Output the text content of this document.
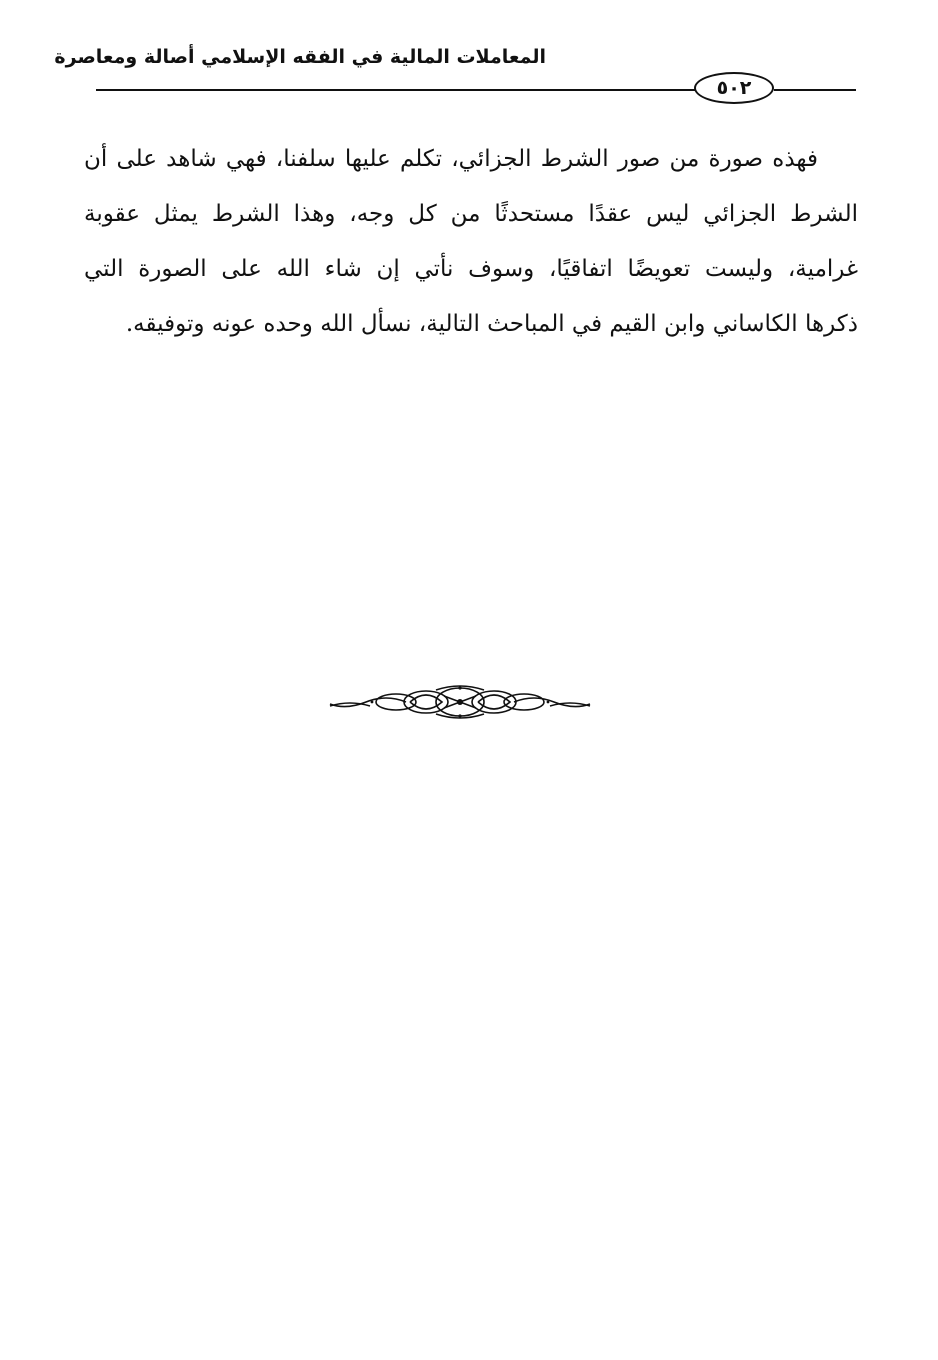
المعاملات المالية في الفقه الإسلامي أصالة ومعاصرة
٥٠٢
فهذه صورة من صور الشرط الجزائي، تكلم عليها سلفنا، فهي شاهد على أن
الشرط الجزائي ليس عقدًا مستحدثًا من كل وجه، وهذا الشرط يمثل عقوبة
غرامية، وليست تعويضًا اتفاقيًا، وسوف نأتي إن شاء الله على الصورة التي
ذكرها الكاساني وابن القيم في المباحث التالية، نسأل الله وحده عونه وتوفيقه.
